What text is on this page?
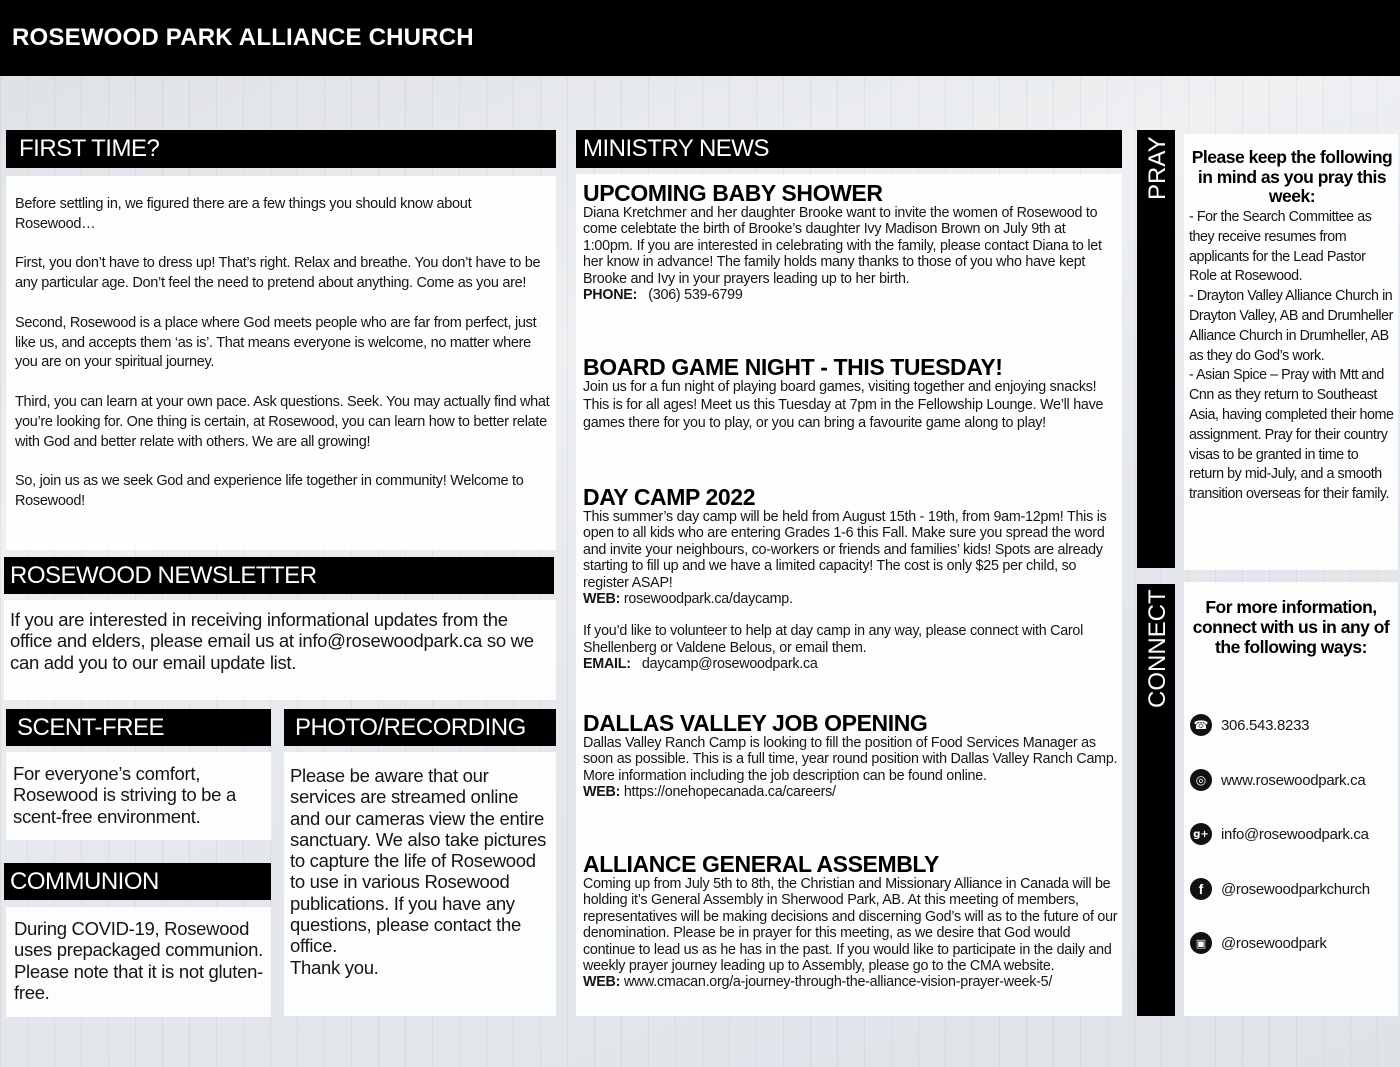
ROSEWOOD PARK ALLIANCE CHURCH
FIRST TIME?

Before settling in, we figured there are a few things you should know about Rosewood…

First, you don’t have to dress up! That’s right. Relax and breathe. You don’t have to be any particular age. Don’t feel the need to pretend about anything. Come as you are!

Second, Rosewood is a place where God meets people who are far from perfect, just like us, and accepts them ‘as is’. That means everyone is welcome, no matter where you are on your spiritual journey.

Third, you can learn at your own pace. Ask questions. Seek. You may actually find what you’re looking for. One thing is certain, at Rosewood, you can learn how to better relate with God and better relate with others. We are all growing!

So, join us as we seek God and experience life together in community! Welcome to Rosewood!

ROSEWOOD NEWSLETTER
If you are interested in receiving informational updates from the office and elders, please email us at info@rosewoodpark.ca so we can add you to our email update list.
SCENT-FREE
For everyone’s comfort, Rosewood is striving to be a scent-free environment.
COMMUNION
During COVID-19, Rosewood uses prepackaged communion. Please note that it is not gluten-free.
PHOTO/RECORDING
Please be aware that our services are streamed online and our cameras view the entire sanctuary. We also take pictures to capture the life of Rosewood to use in various Rosewood publications. If you have any questions, please contact the office.
Thank you.
MINISTRY NEWS
UPCOMING BABY SHOWER
Diana Kretchmer and her daughter Brooke want to invite the women of Rosewood to come celebtate the birth of Brooke’s daughter Ivy Madison Brown on July 9th at 1:00pm. If you are interested in celebrating with the family, please contact Diana to let her know in advance! The family holds many thanks to those of you who have kept Brooke and Ivy in your prayers leading up to her birth.
PHONE: (306) 539-6799
BOARD GAME NIGHT - THIS TUESDAY!
Join us for a fun night of playing board games, visiting together and enjoying snacks! This is for all ages! Meet us this Tuesday at 7pm in the Fellowship Lounge. We’ll have games there for you to play, or you can bring a favourite game along to play!
DAY CAMP 2022
This summer’s day camp will be held from August 15th - 19th, from 9am-12pm! This is open to all kids who are entering Grades 1-6 this Fall. Make sure you spread the word and invite your neighbours, co-workers or friends and families’ kids! Spots are already starting to fill up and we have a limited capacity! The cost is only $25 per child, so register ASAP!
WEB: rosewoodpark.ca/daycamp.
If you’d like to volunteer to help at day camp in any way, please connect with Carol Shellenberg or Valdene Belous, or email them.
EMAIL: daycamp@rosewoodpark.ca
DALLAS VALLEY JOB OPENING
Dallas Valley Ranch Camp is looking to fill the position of Food Services Manager as soon as possible. This is a full time, year round position with Dallas Valley Ranch Camp. More information including the job description can be found online.
WEB: https://onehopecanada.ca/careers/
ALLIANCE GENERAL ASSEMBLY
Coming up from July 5th to 8th, the Christian and Missionary Alliance in Canada will be holding it’s General Assembly in Sherwood Park, AB. At this meeting of members, representatives will be making decisions and discerning God’s will as to the future of our denomination. Please be in prayer for this meeting, as we desire that God would continue to lead us as he has in the past. If you would like to participate in the daily and weekly prayer journey leading up to Assembly, please go to the CMA website.
WEB: www.cmacan.org/a-journey-through-the-alliance-vision-prayer-week-5/
PRAY Please keep the following in mind as you pray this week:
- For the Search Committee as they receive resumes from applicants for the Lead Pastor Role at Rosewood.
- Drayton Valley Alliance Church in Drayton Valley, AB and Drumheller Alliance Church in Drumheller, AB as they do God’s work.
- Asian Spice – Pray with Mtt and Cnn as they return to Southeast Asia, having completed their home assignment. Pray for their country visas to be granted in time to return by mid-July, and a smooth transition overseas for their family.
CONNECT	For more information, connect with us in any of the following ways:
☎ 306.543.8233
◎ www.rosewoodpark.ca
g+ info@rosewoodpark.ca
f	@rosewoodparkchurch
▣ @rosewoodpark
